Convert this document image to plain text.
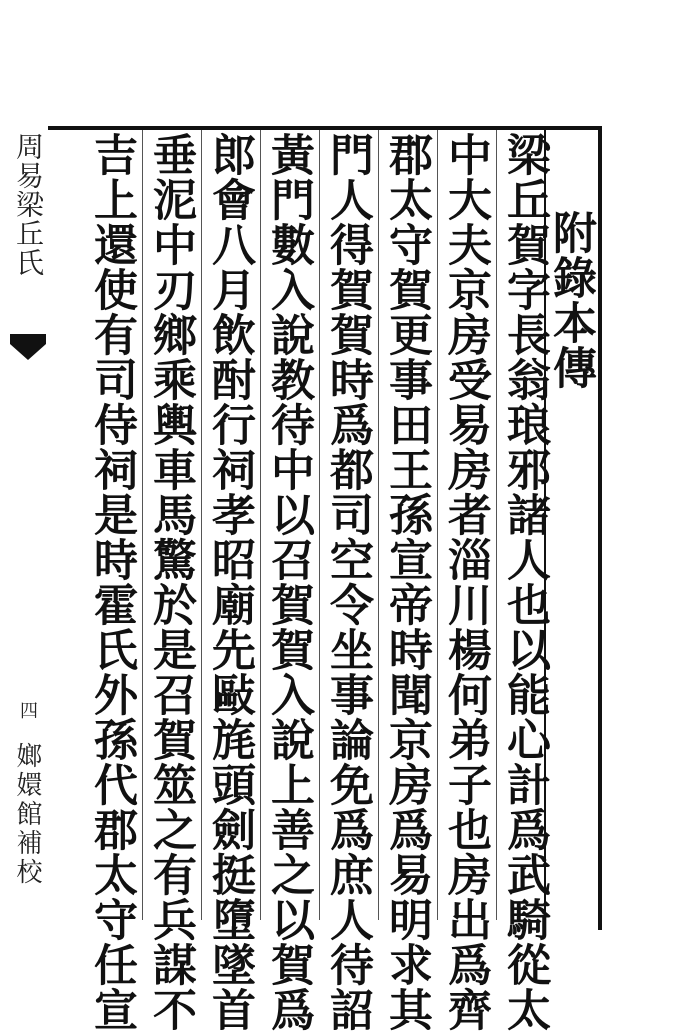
附錄本傳
梁丘賀字長翁琅邪諸人也以能心計爲武騎從太
中大夫京房受易房者淄川楊何弟子也房出爲齊
郡太守賀更事田王孫宣帝時聞京房爲易明求其
門人得賀賀時爲都司空令坐事論免爲庶人待詔
黃門數入說教待中以召賀賀入說上善之以賀爲
郎會八月飲酎行祠孝昭廟先敺旄頭劍挺墮墜首
垂泥中刃鄉乘輿車馬驚於是召賀筮之有兵謀不
吉上還使有司侍祠是時霍氏外孫代郡太守任宣
周易梁丘氏
四
嫏嬛館補校
